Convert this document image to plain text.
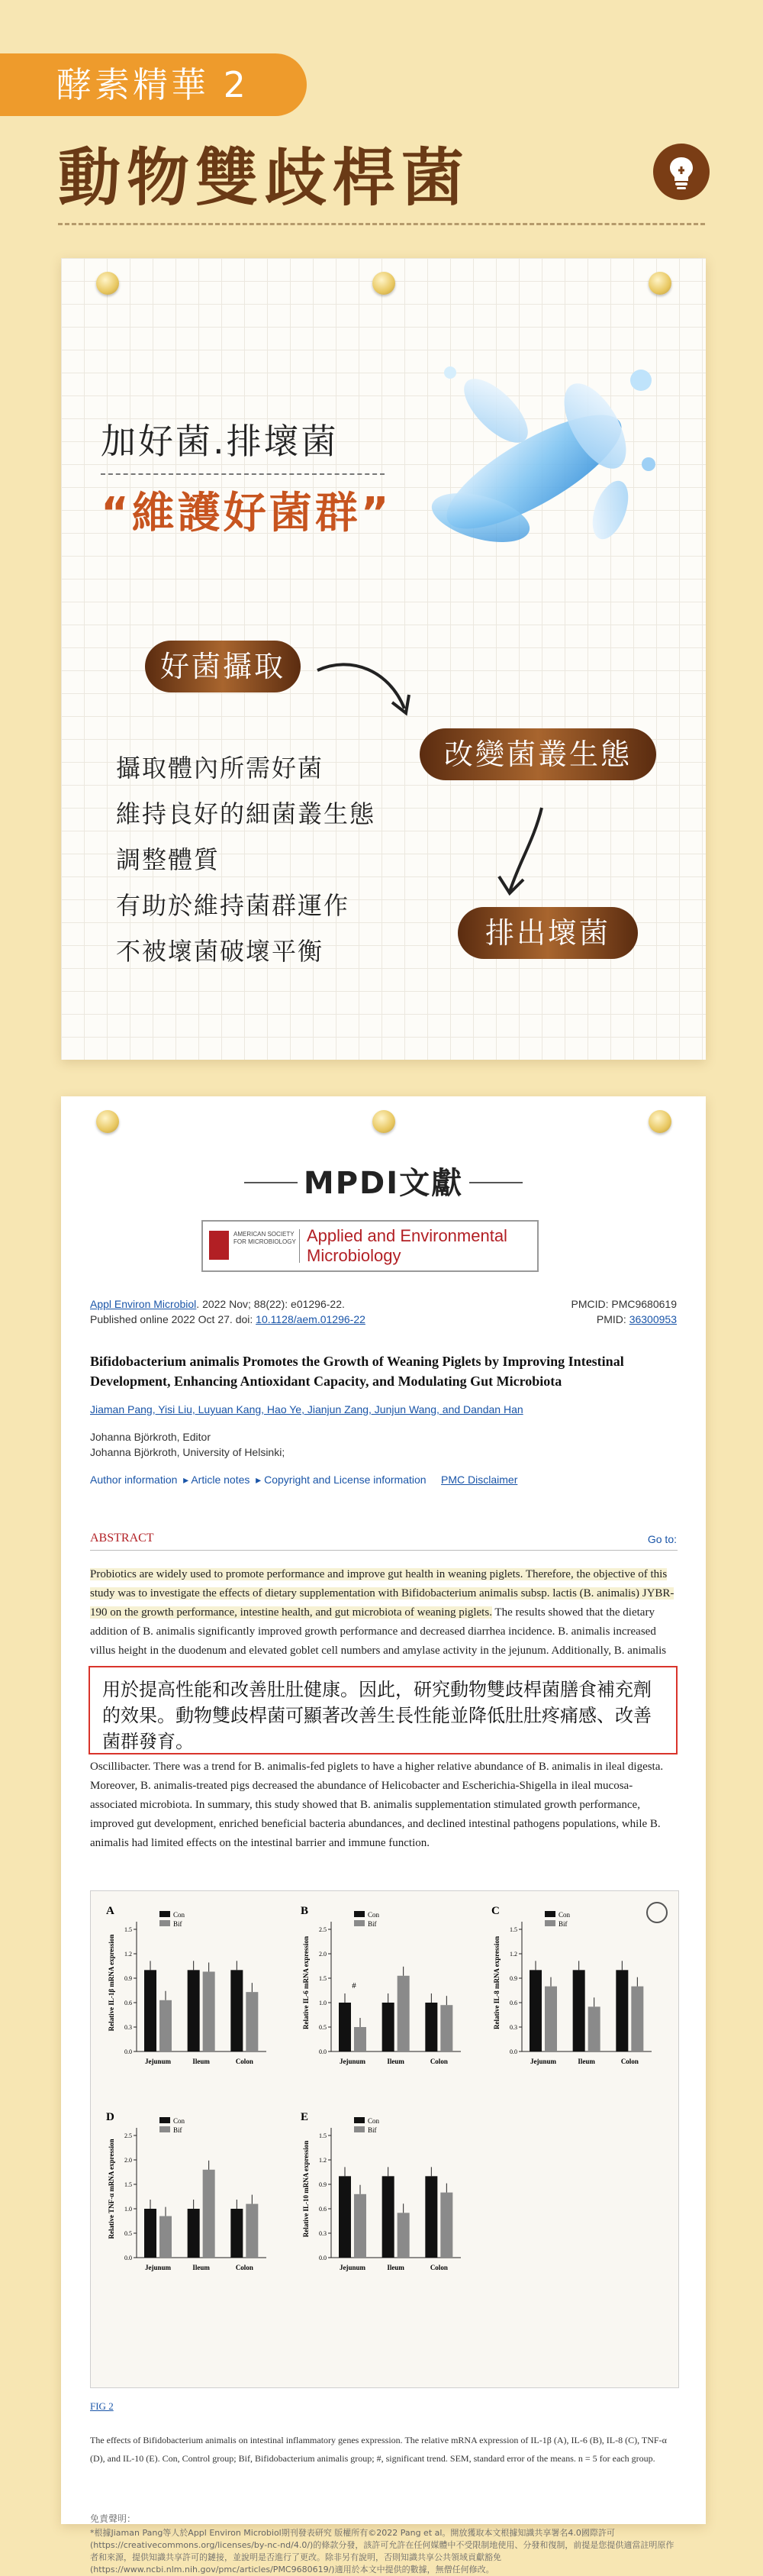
酵素精華 2
動物雙歧桿菌
加好菌.排壞菌
“維護好菌群”
好菌攝取
改變菌叢生態
排出壞菌
攝取體內所需好菌
維持良好的細菌叢生態
調整體質
有助於維持菌群運作
不被壞菌破壞平衡
MPDI文獻
AMERICAN SOCIETY FOR MICROBIOLOGY Applied and Environmental
Microbiology
Appl Environ Microbiol. 2022 Nov; 88(22): e01296-22.
Published online 2022 Oct 27. doi: 10.1128/aem.01296-22
PMCID: PMC9680619
PMID: 36300953
Bifidobacterium animalis Promotes the Growth of Weaning Piglets by Improving Intestinal Development, Enhancing Antioxidant Capacity, and Modulating Gut Microbiota
Jiaman Pang, Yisi Liu, Luyuan Kang, Hao Ye, Jianjun Zang, Junjun Wang, and Dandan Han
Johanna Björkroth, Editor
Johanna Björkroth, University of Helsinki;
Author information  ▸ Article notes  ▸ Copyright and License information PMC Disclaimer
ABSTRACT	Go to:
Probiotics are widely used to promote performance and improve gut health in weaning piglets. Therefore, the objective of this study was to investigate the effects of dietary supplementation with Bifidobacterium animalis subsp. lactis (B. animalis) JYBR-190 on the growth performance, intestine health, and gut microbiota of weaning piglets. The results showed that the dietary addition of B. animalis significantly improved growth performance and decreased diarrhea incidence. B. animalis increased villus height in the duodenum and elevated goblet cell numbers and amylase activity in the jejunum. Additionally, B. animalis
用於提高性能和改善肚肚健康。因此，研究動物雙歧桿菌膳食補充劑的效果。動物雙歧桿菌可顯著改善生長性能並降低肚肚疼痛感、改善菌群發育。
Oscillibacter. There was a trend for B. animalis-fed piglets to have a higher relative abundance of B. animalis in ileal digesta. Moreover, B. animalis-treated pigs decreased the abundance of Helicobacter and Escherichia-Shigella in ileal mucosa-associated microbiota. In summary, this study showed that B. animalis supplementation stimulated growth performance, improved gut development, enriched beneficial bacteria abundances, and declined intestinal pathogens populations, while B. animalis had limited effects on the intestinal barrier and immune function.
A
0.0
0.3
0.6
0.9
1.2
1.5
Relative IL-1β mRNA expression
Jejunum	Ileum	Colon
Con
Bif
B
0.0
0.5
1.0
1.5
2.0
2.5
Relative IL-6 mRNA expression
Jejunum	Ileum	Colon
Con
Bif
#
C
0.0
0.3
0.6
0.9
1.2
1.5
Relative IL-8 mRNA expression
Jejunum	Ileum	Colon
Con
Bif
D
0.0
0.5
1.0
1.5
2.0
2.5
Relative TNF-α mRNA expression
Jejunum	Ileum	Colon
Con
Bif
E
0.0
0.3
0.6
0.9
1.2
1.5
Relative IL-10 mRNA expression
Jejunum	Ileum	Colon
Con
Bif
FIG 2
The effects of Bifidobacterium animalis on intestinal inflammatory genes expression. The relative mRNA expression of IL-1β (A), IL-6 (B), IL-8 (C), TNF-α (D), and IL-10 (E). Con, Control group; Bif, Bifidobacterium animalis group; #, significant trend. SEM, standard error of the means. n = 5 for each group.
免責聲明：
*根據Jiaman Pang等人於Appl Environ Microbiol期刊發表研究 版權所有©2022 Pang et al。開放獲取本文根據知識共享署名4.0國際許可(https://creativecommons.org/licenses/by-nc-nd/4.0/)的條款分發，該許可允許在任何媒體中不受限制地使用、分發和復制，前提是您提供適當註明原作者和來源，提供知識共享許可的鏈接，並說明是否進行了更改。除非另有說明，否則知識共享公共領域貢獻豁免(https://www.ncbi.nlm.nih.gov/pmc/articles/PMC9680619/)適用於本文中提供的數據，無僧任何修改。
